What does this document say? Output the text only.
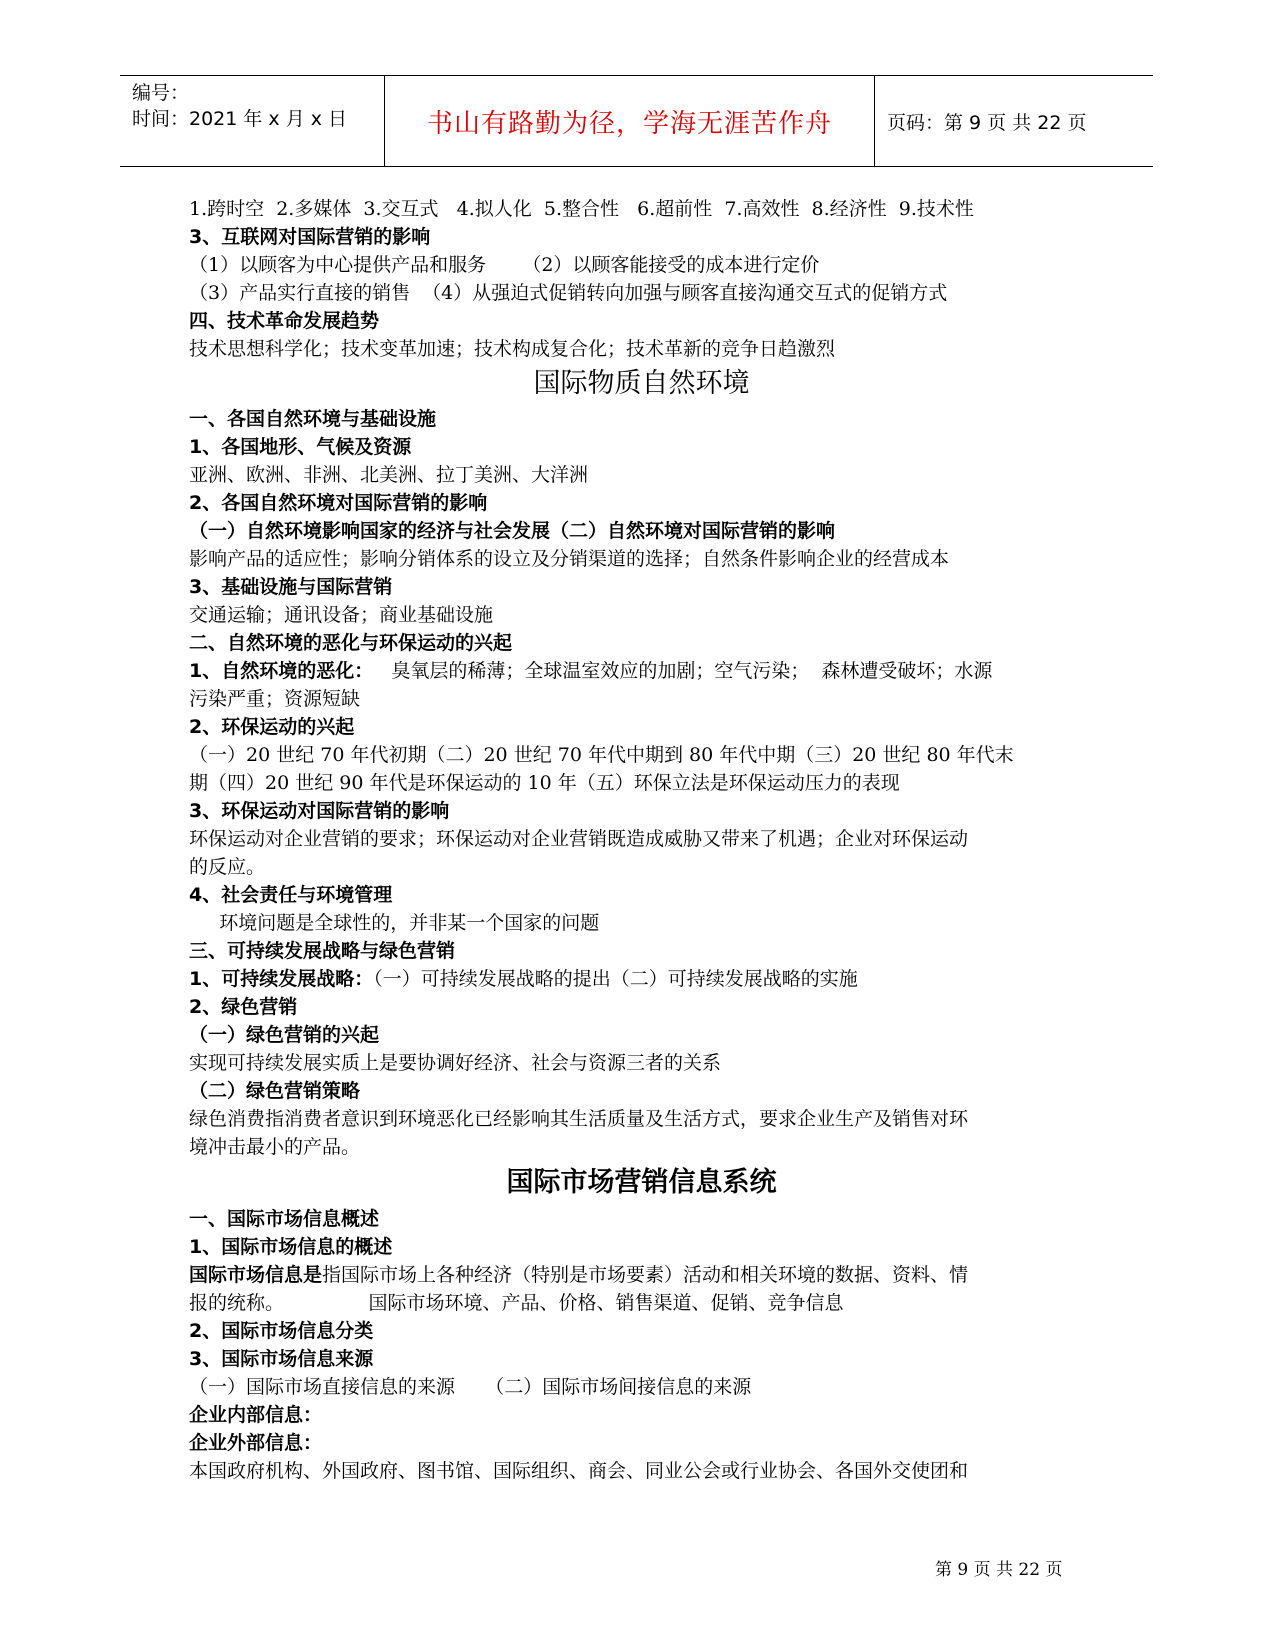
编号：
时间：2021 年 x 月 x 日	书山有路勤为径，学海无涯苦作舟	页码：第 9 页 共 22 页
1.跨时空  2.多媒体  3.交互式   4.拟人化  5.整合性   6.超前性  7.高效性  8.经济性  9.技术性
3、互联网对国际营销的影响
（1）以顾客为中心提供产品和服务      （2）以顾客能接受的成本进行定价
（3）产品实行直接的销售  （4）从强迫式促销转向加强与顾客直接沟通交互式的促销方式
四、技术革命发展趋势
技术思想科学化；技术变革加速；技术构成复合化；技术革新的竞争日趋激烈
国际物质自然环境
一、各国自然环境与基础设施
1、各国地形、气候及资源
亚洲、欧洲、非洲、北美洲、拉丁美洲、大洋洲
2、各国自然环境对国际营销的影响
（一）自然环境影响国家的经济与社会发展（二）自然环境对国际营销的影响
影响产品的适应性；影响分销体系的设立及分销渠道的选择；自然条件影响企业的经营成本
3、基础设施与国际营销
交通运输；通讯设备；商业基础设施
二、自然环境的恶化与环保运动的兴起
1、自然环境的恶化：   臭氧层的稀薄；全球温室效应的加剧；空气污染；  森林遭受破坏；水源
污染严重；资源短缺
2、环保运动的兴起
（一）20 世纪 70 年代初期（二）20 世纪 70 年代中期到 80 年代中期（三）20 世纪 80 年代末
期（四）20 世纪 90 年代是环保运动的 10 年（五）环保立法是环保运动压力的表现
3、环保运动对国际营销的影响
环保运动对企业营销的要求；环保运动对企业营销既造成威胁又带来了机遇；企业对环保运动
的反应。
4、社会责任与环境管理
环境问题是全球性的，并非某一个国家的问题
三、可持续发展战略与绿色营销
1、可持续发展战略：（一）可持续发展战略的提出（二）可持续发展战略的实施
2、绿色营销
（一）绿色营销的兴起
实现可持续发展实质上是要协调好经济、社会与资源三者的关系
（二）绿色营销策略
绿色消费指消费者意识到环境恶化已经影响其生活质量及生活方式，要求企业生产及销售对环
境冲击最小的产品。
国际市场营销信息系统
一、国际市场信息概述
1、国际市场信息的概述
国际市场信息是指国际市场上各种经济（特别是市场要素）活动和相关环境的数据、资料、情
报的统称。              国际市场环境、产品、价格、销售渠道、促销、竞争信息
2、国际市场信息分类
3、国际市场信息来源
（一）国际市场直接信息的来源     （二）国际市场间接信息的来源
企业内部信息：
企业外部信息：
本国政府机构、外国政府、图书馆、国际组织、商会、同业公会或行业协会、各国外交使团和
第 9 页 共 22 页
